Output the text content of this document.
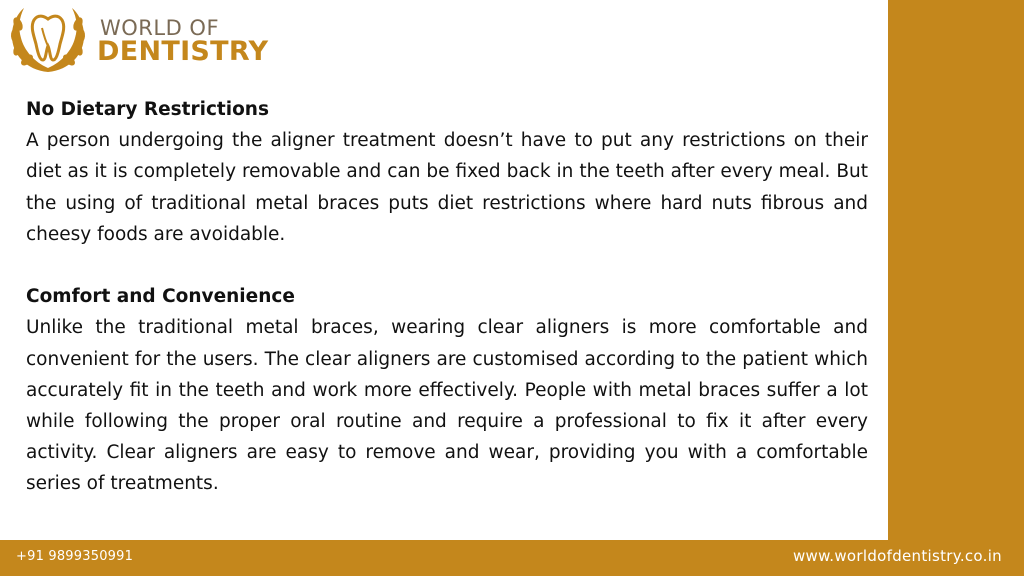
WORLD OF
DENTISTRY
No Dietary Restrictions

A person undergoing the aligner treatment doesn’t have to put any restrictions on their diet as it is completely removable and can be fixed back in the teeth after every meal. But the using of traditional metal braces puts diet restrictions where hard nuts fibrous and cheesy foods are avoidable.

Comfort and Convenience

Unlike the traditional metal braces, wearing clear aligners is more comfortable and convenient for the users. The clear aligners are customised according to the patient which accurately fit in the teeth and work more effectively. People with metal braces suffer a lot while following the proper oral routine and require a professional to fix it after every activity. Clear aligners are easy to remove and wear, providing you with a comfortable series of treatments.

+91 9899350991	www.worldofdentistry.co.in
